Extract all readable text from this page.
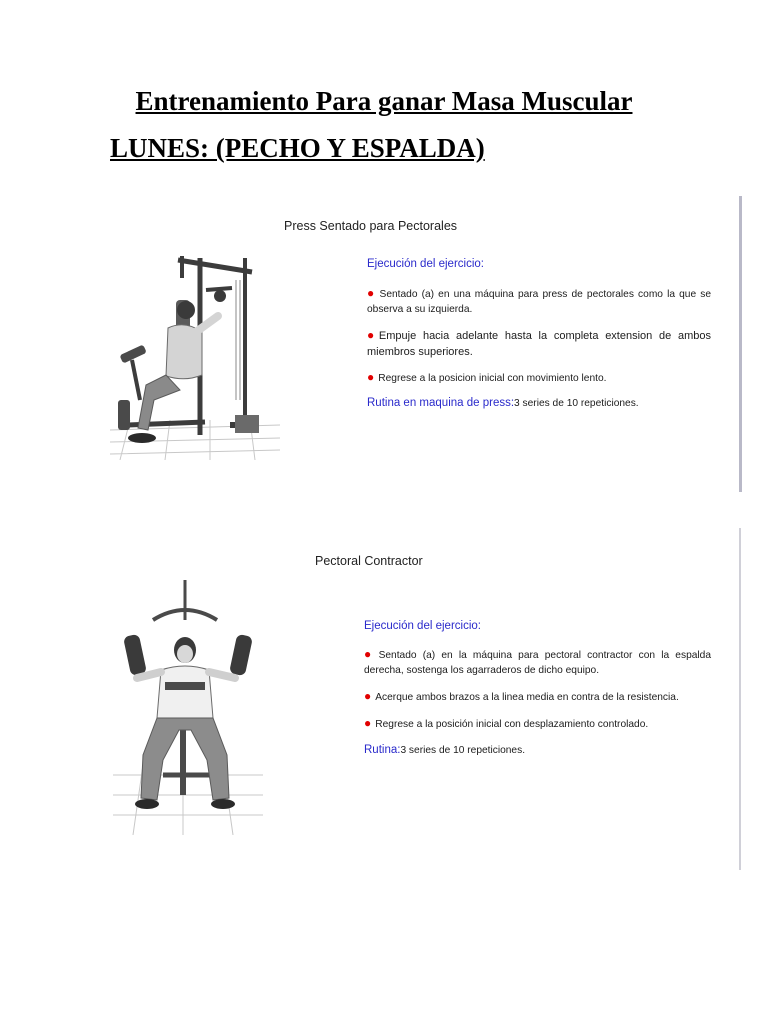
Entrenamiento Para ganar Masa Muscular
LUNES: (PECHO Y ESPALDA)
Press Sentado para Pectorales
Ejecución del ejercicio:
● Sentado (a) en una máquina para press de pectorales como la que se observa a su izquierda.
●Empuje hacia adelante hasta la completa extension de ambos miembros superiores.
● Regrese a la posicion inicial con movimiento lento.
Rutina en maquina de press:3 series de 10 repeticiones.
Pectoral Contractor
Ejecución del ejercicio:
● Sentado (a) en la máquina para pectoral contractor con la espalda derecha, sostenga los agarraderos de dicho equipo.
● Acerque ambos brazos a la linea media en contra de la resistencia.
● Regrese a la posición inicial con desplazamiento controlado.
Rutina:3 series de 10 repeticiones.
